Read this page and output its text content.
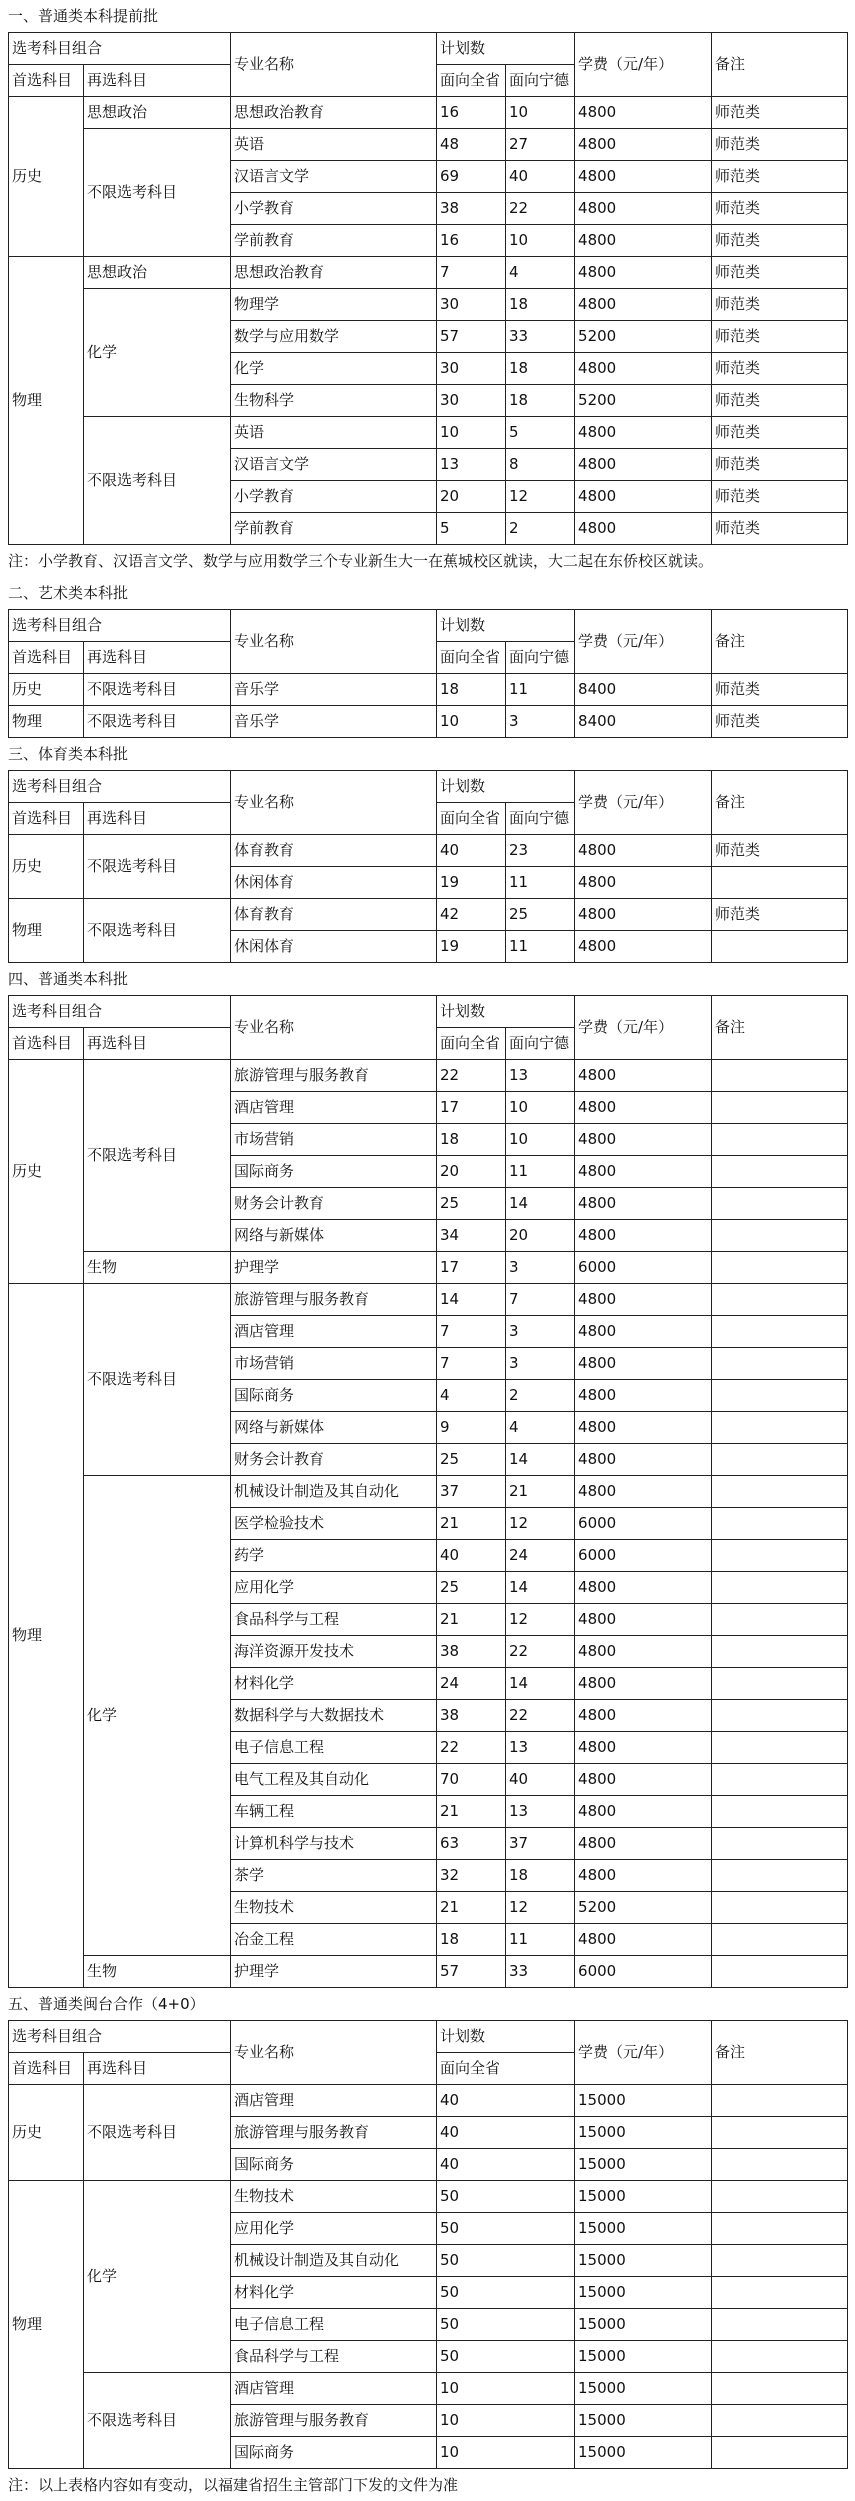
一、普通类本科提前批
选考科目组合		专业名称	计划数		学费（元/年）	备注
首选科目	再选科目		面向全省	面向宁德		
历史	思想政治	思想政治教育	16	10	4800	师范类
	不限选考科目	英语	48	27	4800	师范类
		汉语言文学	69	40	4800	师范类
		小学教育	38	22	4800	师范类
		学前教育	16	10	4800	师范类
物理	思想政治	思想政治教育	7	4	4800	师范类
	化学	物理学	30	18	4800	师范类
		数学与应用数学	57	33	5200	师范类
		化学	30	18	4800	师范类
		生物科学	30	18	5200	师范类
	不限选考科目	英语	10	5	4800	师范类
		汉语言文学	13	8	4800	师范类
		小学教育	20	12	4800	师范类
		学前教育	5	2	4800	师范类
注：小学教育、汉语言文学、数学与应用数学三个专业新生大一在蕉城校区就读，大二起在东侨校区就读。
二、艺术类本科批
选考科目组合		专业名称	计划数		学费（元/年）	备注
首选科目	再选科目		面向全省	面向宁德		
历史	不限选考科目	音乐学	18	11	8400	师范类
物理	不限选考科目	音乐学	10	3	8400	师范类
三、体育类本科批
选考科目组合		专业名称	计划数		学费（元/年）	备注
首选科目	再选科目		面向全省	面向宁德		
历史	不限选考科目	体育教育	40	23	4800	师范类
		休闲体育	19	11	4800	
物理	不限选考科目	体育教育	42	25	4800	师范类
		休闲体育	19	11	4800	
四、普通类本科批
选考科目组合		专业名称	计划数		学费（元/年）	备注
首选科目	再选科目		面向全省	面向宁德		
历史	不限选考科目	旅游管理与服务教育	22	13	4800	
		酒店管理	17	10	4800	
		市场营销	18	10	4800	
		国际商务	20	11	4800	
		财务会计教育	25	14	4800	
		网络与新媒体	34	20	4800	
	生物	护理学	17	3	6000	
物理	不限选考科目	旅游管理与服务教育	14	7	4800	
		酒店管理	7	3	4800	
		市场营销	7	3	4800	
		国际商务	4	2	4800	
		网络与新媒体	9	4	4800	
		财务会计教育	25	14	4800	
	化学	机械设计制造及其自动化	37	21	4800	
		医学检验技术	21	12	6000	
		药学	40	24	6000	
		应用化学	25	14	4800	
		食品科学与工程	21	12	4800	
		海洋资源开发技术	38	22	4800	
		材料化学	24	14	4800	
		数据科学与大数据技术	38	22	4800	
		电子信息工程	22	13	4800	
		电气工程及其自动化	70	40	4800	
		车辆工程	21	13	4800	
		计算机科学与技术	63	37	4800	
		茶学	32	18	4800	
		生物技术	21	12	5200	
		冶金工程	18	11	4800	
	生物	护理学	57	33	6000	
五、普通类闽台合作（4+0）
选考科目组合		专业名称	计划数	学费（元/年）	备注
首选科目	再选科目		面向全省		
历史	不限选考科目	酒店管理	40	15000	
		旅游管理与服务教育	40	15000	
		国际商务	40	15000	
物理	化学	生物技术	50	15000	
		应用化学	50	15000	
		机械设计制造及其自动化	50	15000	
		材料化学	50	15000	
		电子信息工程	50	15000	
		食品科学与工程	50	15000	
	不限选考科目	酒店管理	10	15000	
		旅游管理与服务教育	10	15000	
		国际商务	10	15000	
注：以上表格内容如有变动，以福建省招生主管部门下发的文件为准
